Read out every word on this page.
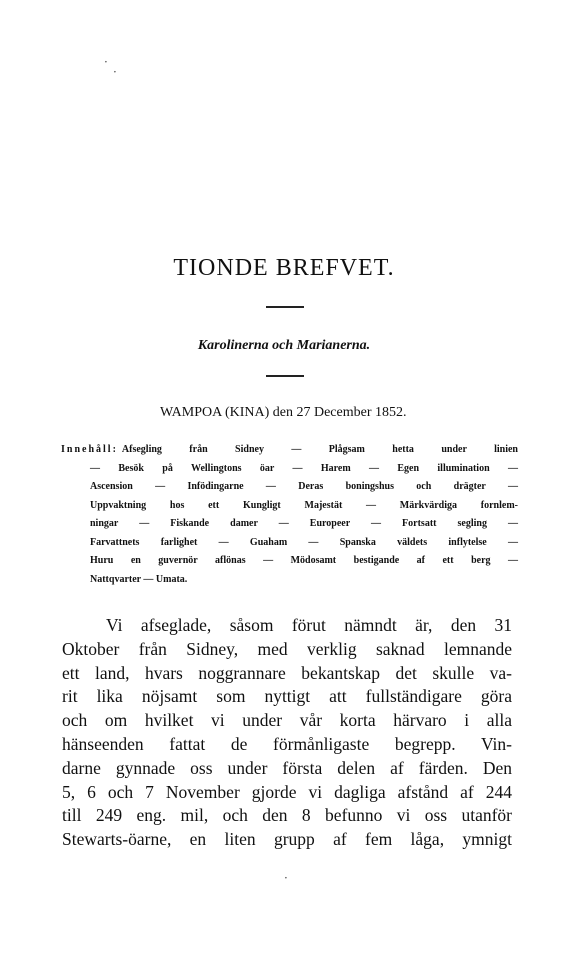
·
·
·
TIONDE BREFVET.
Karolinerna och Marianerna.
WAMPOA (KINA) den 27 December 1852.
Innehåll: Afsegling från Sidney — Plågsam hetta under linien
— Besök på Wellingtons öar — Harem — Egen illumination —
Ascension — Infödingarne — Deras boningshus och drägter —
Uppvaktning hos ett Kungligt Majestät — Märkvärdiga fornlem-
ningar — Fiskande damer — Europeer — Fortsatt segling —
Farvattnets farlighet — Guaham — Spanska väldets inflytelse —
Huru en guvernör aflönas — Mödosamt bestigande af ett berg —
Nattqvarter — Umata.
Vi afseglade, såsom förut nämndt är, den 31
Oktober från Sidney, med verklig saknad lemnande
ett land, hvars noggrannare bekantskap det skulle va-
rit lika nöjsamt som nyttigt att fullständigare göra
och om hvilket vi under vår korta härvaro i alla
hänseenden fattat de förmånligaste begrepp. Vin-
darne gynnade oss under första delen af färden. Den
5, 6 och 7 November gjorde vi dagliga afstånd af 244
till 249 eng. mil, och den 8 befunno vi oss utanför
Stewarts-öarne, en liten grupp af fem låga, ymnigt
